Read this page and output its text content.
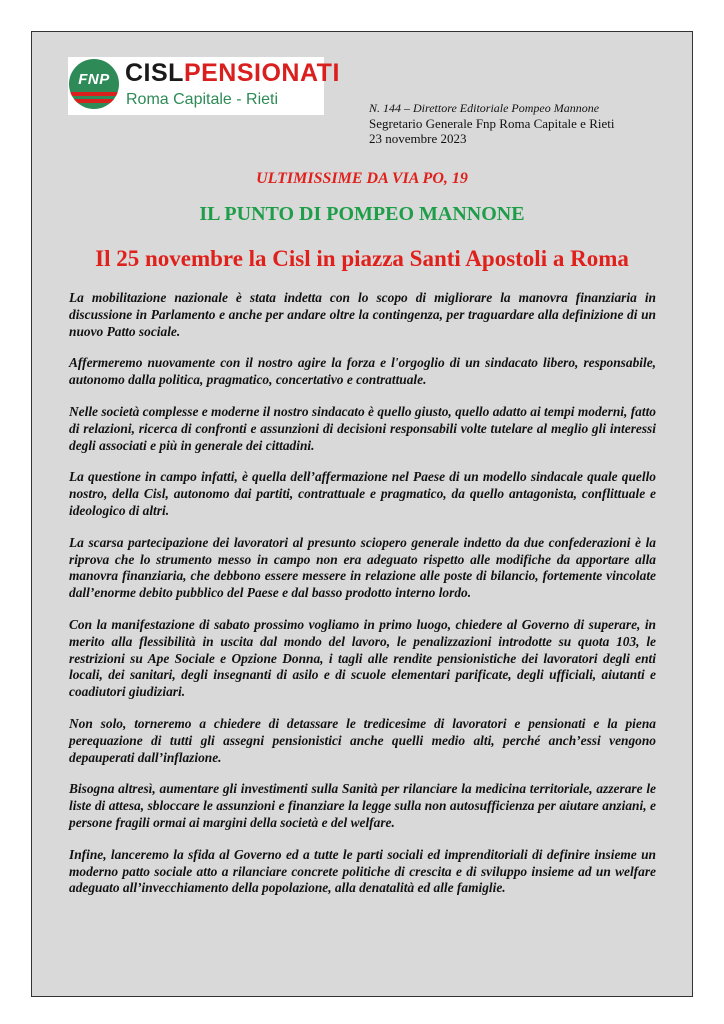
FNP CISLPENSIONATI
Roma Capitale - Rieti	N. 144 – Direttore Editoriale Pompeo Mannone
Segretario Generale Fnp Roma Capitale e Rieti
23 novembre 2023
ULTIMISSIME DA VIA PO, 19
IL PUNTO DI POMPEO MANNONE
Il 25 novembre la Cisl in piazza Santi Apostoli a Roma

La mobilitazione nazionale è stata indetta con lo scopo di migliorare la manovra finanziaria in discussione in Parlamento e anche per andare oltre la contingenza, per traguardare alla definizione di un nuovo Patto sociale.

Affermeremo nuovamente con il nostro agire la forza e l'orgoglio di un sindacato libero, responsabile, autonomo dalla politica, pragmatico, concertativo e contrattuale.

Nelle società complesse e moderne il nostro sindacato è quello giusto, quello adatto ai tempi moderni, fatto di relazioni, ricerca di confronti e assunzioni di decisioni responsabili volte tutelare al meglio gli interessi degli associati e più in generale dei cittadini.

La questione in campo infatti, è quella dell’affermazione nel Paese di un modello sindacale quale quello nostro, della Cisl, autonomo dai partiti, contrattuale e pragmatico, da quello antagonista, conflittuale e ideologico di altri.

La scarsa partecipazione dei lavoratori al presunto sciopero generale indetto da due confederazioni è la riprova che lo strumento messo in campo non era adeguato rispetto alle modifiche da apportare alla manovra finanziaria, che debbono essere messere in relazione alle poste di bilancio, fortemente vincolate dall’enorme debito pubblico del Paese e dal basso prodotto interno lordo.

Con la manifestazione di sabato prossimo vogliamo in primo luogo, chiedere al Governo di superare, in merito alla flessibilità in uscita dal mondo del lavoro, le penalizzazioni introdotte su quota 103, le restrizioni su Ape Sociale e Opzione Donna, i tagli alle rendite pensionistiche dei lavoratori degli enti locali, dei sanitari, degli insegnanti di asilo e di scuole elementari parificate, degli ufficiali, aiutanti e coadiutori giudiziari.

Non solo, torneremo a chiedere di detassare le tredicesime di lavoratori e pensionati e la piena perequazione di tutti gli assegni pensionistici anche quelli medio alti, perché anch’essi vengono depauperati dall’inflazione.

Bisogna altresì, aumentare gli investimenti sulla Sanità per rilanciare la medicina territoriale, azzerare le liste di attesa, sbloccare le assunzioni e finanziare la legge sulla non autosufficienza per aiutare anziani, e persone fragili ormai ai margini della società e del welfare.

Infine, lanceremo la sfida al Governo ed a tutte le parti sociali ed imprenditoriali di definire insieme un moderno patto sociale atto a rilanciare concrete politiche di crescita e di sviluppo insieme ad un welfare adeguato all’invecchiamento della popolazione, alla denatalità ed alle famiglie.
